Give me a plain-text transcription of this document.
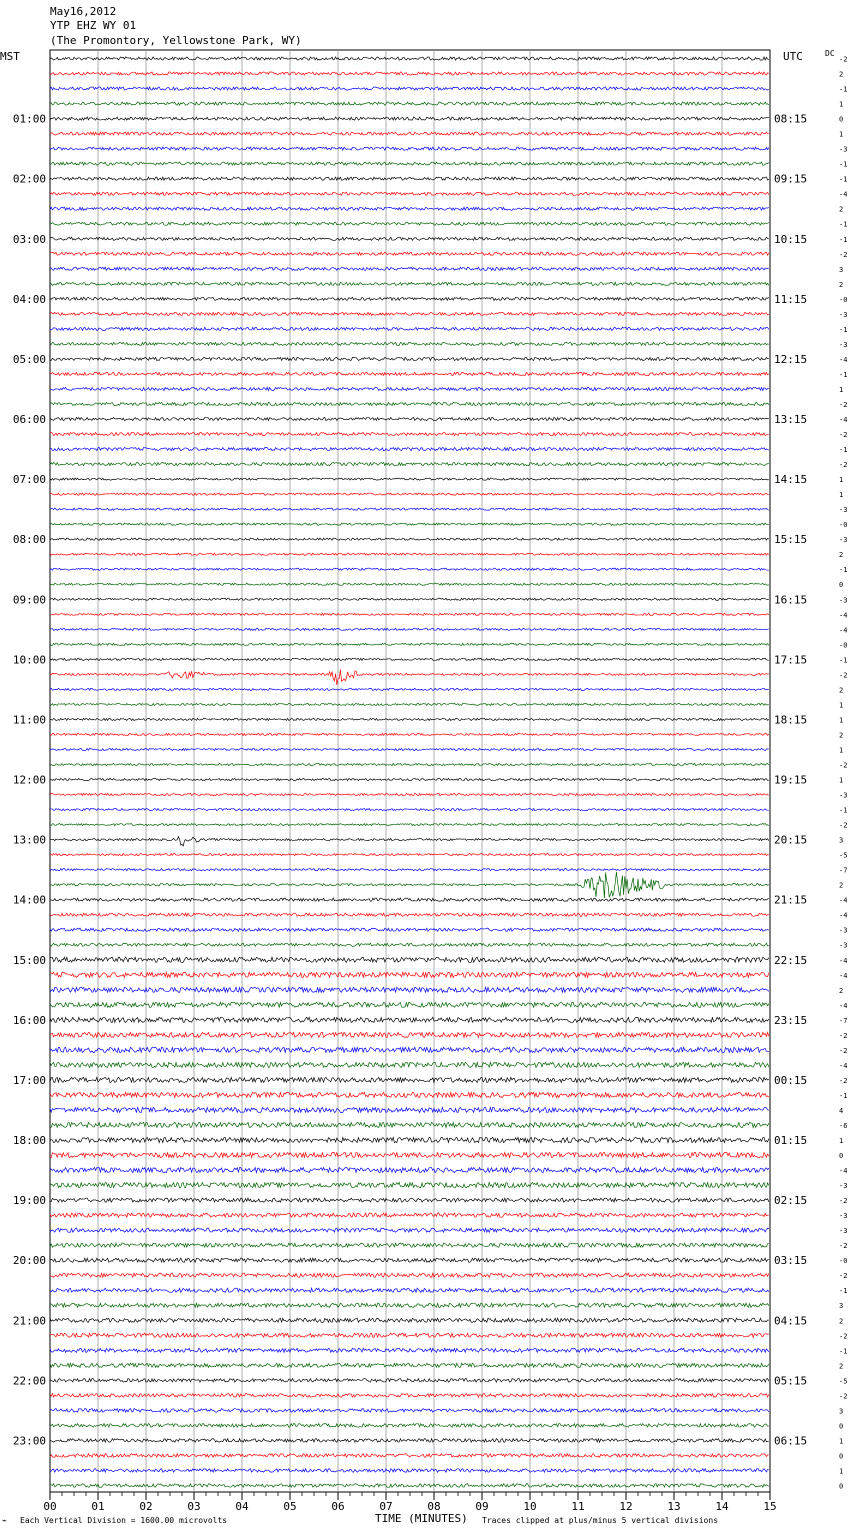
May16,2012
YTP EHZ WY 01
(The Promontory, Yellowstone Park, WY)
MST	UTC	DC
-2
2
-1
1
0
1
-3
-1
-1
-4
2
-1
-1
-2
3
2
-0
-3
-1
-3
-4
-1
1
-2
-4
-2
-1
-2
1
1
-3
-0
-3
2
-1
0
-3
-4
-4
-0
-1
-2
2
1
1
2
1
-2
1
-3
-1
-2
3
-5
-7
2
-4
-4
-3
-3
-4
-4
2
-4
-7
-2
-2
-4
-2
-1
4
-6
1
0
-4
-3
-2
-3
-3
-2
-0
-2
-1
3
2
-2
-1
2
-5
-2
3
0
1
0
1
0
01:00
02:00
03:00
04:00
05:00
06:00
07:00
08:00
09:00
10:00
11:00
12:00
13:00
14:00
15:00
16:00
17:00
18:00
19:00
20:00
21:00
22:00
23:00
08:15
09:15
10:15
11:15
12:15
13:15
14:15
15:15
16:15
17:15
18:15
19:15
20:15
21:15
22:15
23:15
00:15
01:15
02:15
03:15
04:15
05:15
06:15
00	01	02	03	04	05	06	07	08	09	10	11	12	13	14	15
⌁ Each Vertical Division = 1600.00 microvolts	TIME (MINUTES) Traces clipped at plus/minus 5 vertical divisions
